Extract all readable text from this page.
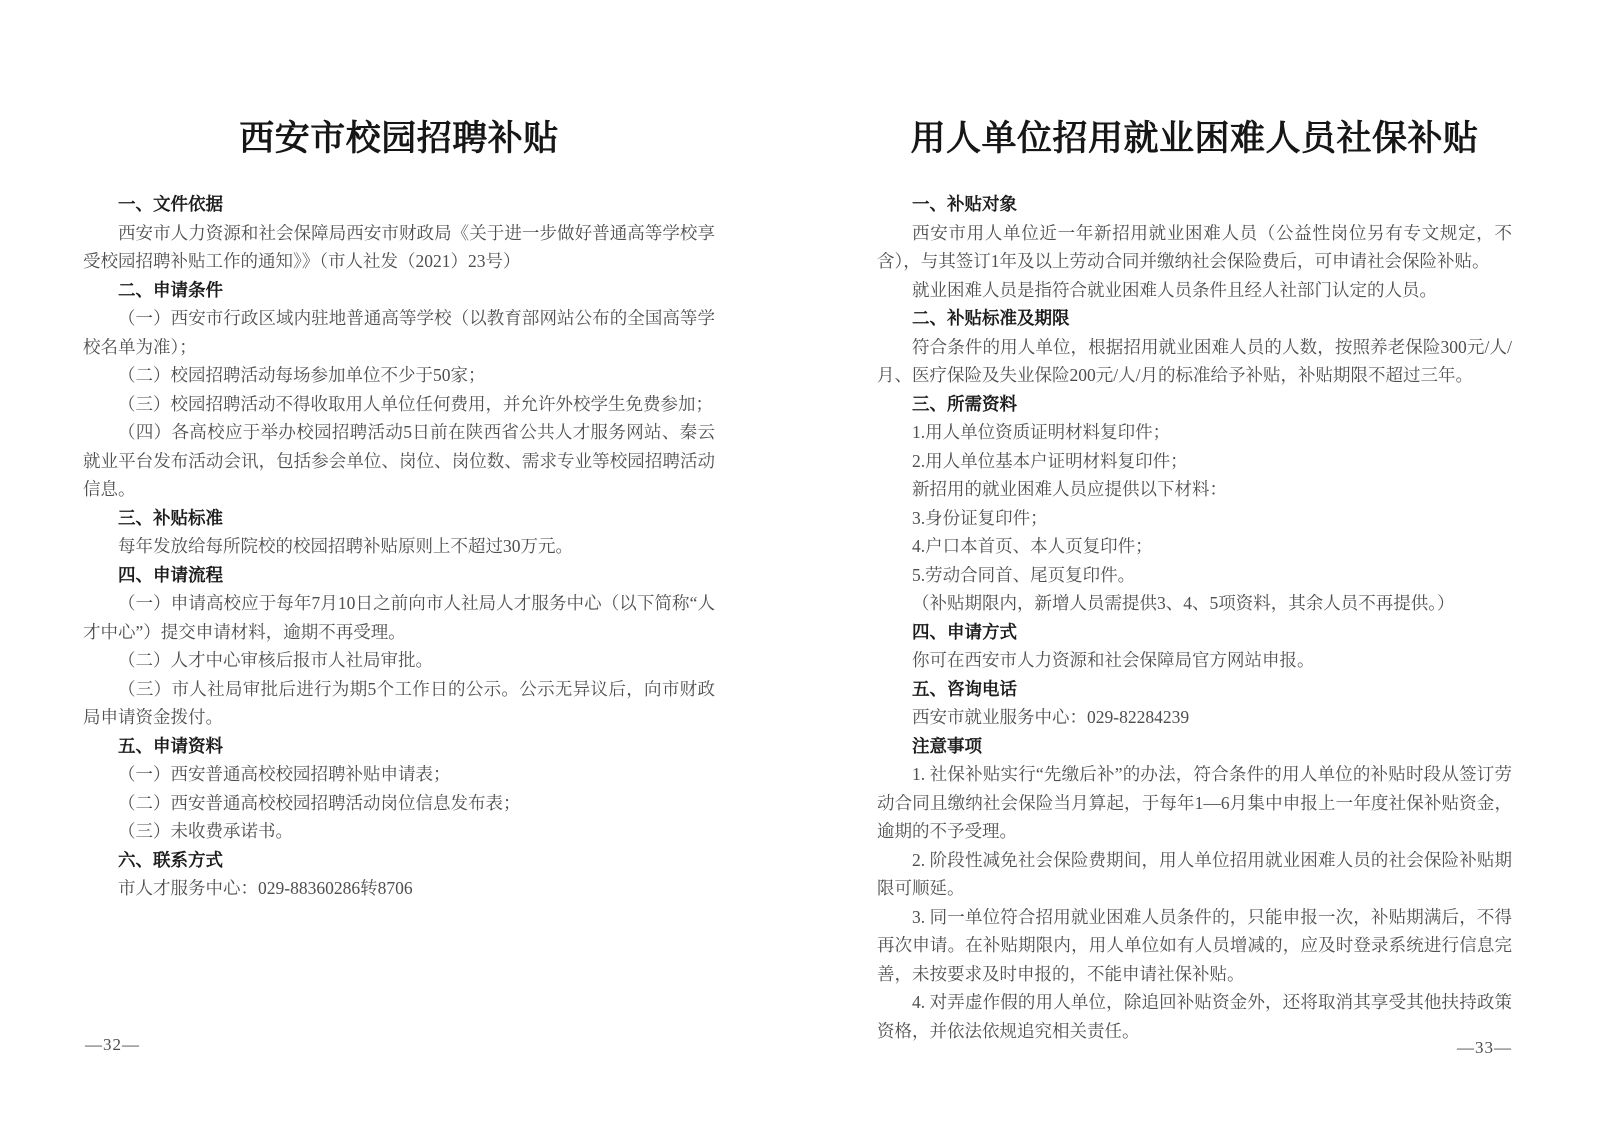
西安市校园招聘补贴

一、文件依据

西安市人力资源和社会保障局西安市财政局《关于进一步做好普通高等学校享受校园招聘补贴工作的通知》》（市人社发（2021）23号）

二、申请条件

（一）西安市行政区域内驻地普通高等学校（以教育部网站公布的全国高等学校名单为准）；

（二）校园招聘活动每场参加单位不少于50家；

（三）校园招聘活动不得收取用人单位任何费用，并允许外校学生免费参加；

（四）各高校应于举办校园招聘活动5日前在陕西省公共人才服务网站、秦云就业平台发布活动会讯，包括参会单位、岗位、岗位数、需求专业等校园招聘活动信息。

三、补贴标准

每年发放给每所院校的校园招聘补贴原则上不超过30万元。

四、申请流程

（一）申请高校应于每年7月10日之前向市人社局人才服务中心（以下简称“人才中心”）提交申请材料，逾期不再受理。

（二）人才中心审核后报市人社局审批。

（三）市人社局审批后进行为期5个工作日的公示。公示无异议后，向市财政局申请资金拨付。

五、申请资料

（一）西安普通高校校园招聘补贴申请表；

（二）西安普通高校校园招聘活动岗位信息发布表；

（三）未收费承诺书。

六、联系方式

市人才服务中心：029-88360286转8706

用人单位招用就业困难人员社保补贴

一、补贴对象

西安市用人单位近一年新招用就业困难人员（公益性岗位另有专文规定，不含），与其签订1年及以上劳动合同并缴纳社会保险费后，可申请社会保险补贴。

就业困难人员是指符合就业困难人员条件且经人社部门认定的人员。

二、补贴标准及期限

符合条件的用人单位，根据招用就业困难人员的人数，按照养老保险300元/人/月、医疗保险及失业保险200元/人/月的标准给予补贴，补贴期限不超过三年。

三、所需资料

1.用人单位资质证明材料复印件；

2.用人单位基本户证明材料复印件；

新招用的就业困难人员应提供以下材料：

3.身份证复印件；

4.户口本首页、本人页复印件；

5.劳动合同首、尾页复印件。

（补贴期限内，新增人员需提供3、4、5项资料，其余人员不再提供。）

四、申请方式

你可在西安市人力资源和社会保障局官方网站申报。

五、咨询电话

西安市就业服务中心：029-82284239

注意事项

1. 社保补贴实行“先缴后补”的办法，符合条件的用人单位的补贴时段从签订劳动合同且缴纳社会保险当月算起，于每年1—6月集中申报上一年度社保补贴资金，逾期的不予受理。

2. 阶段性减免社会保险费期间，用人单位招用就业困难人员的社会保险补贴期限可顺延。

3. 同一单位符合招用就业困难人员条件的，只能申报一次，补贴期满后，不得再次申请。在补贴期限内，用人单位如有人员增减的，应及时登录系统进行信息完善，未按要求及时申报的，不能申请社保补贴。

4. 对弄虚作假的用人单位，除追回补贴资金外，还将取消其享受其他扶持政策资格，并依法依规追究相关责任。

—32—	—33—
